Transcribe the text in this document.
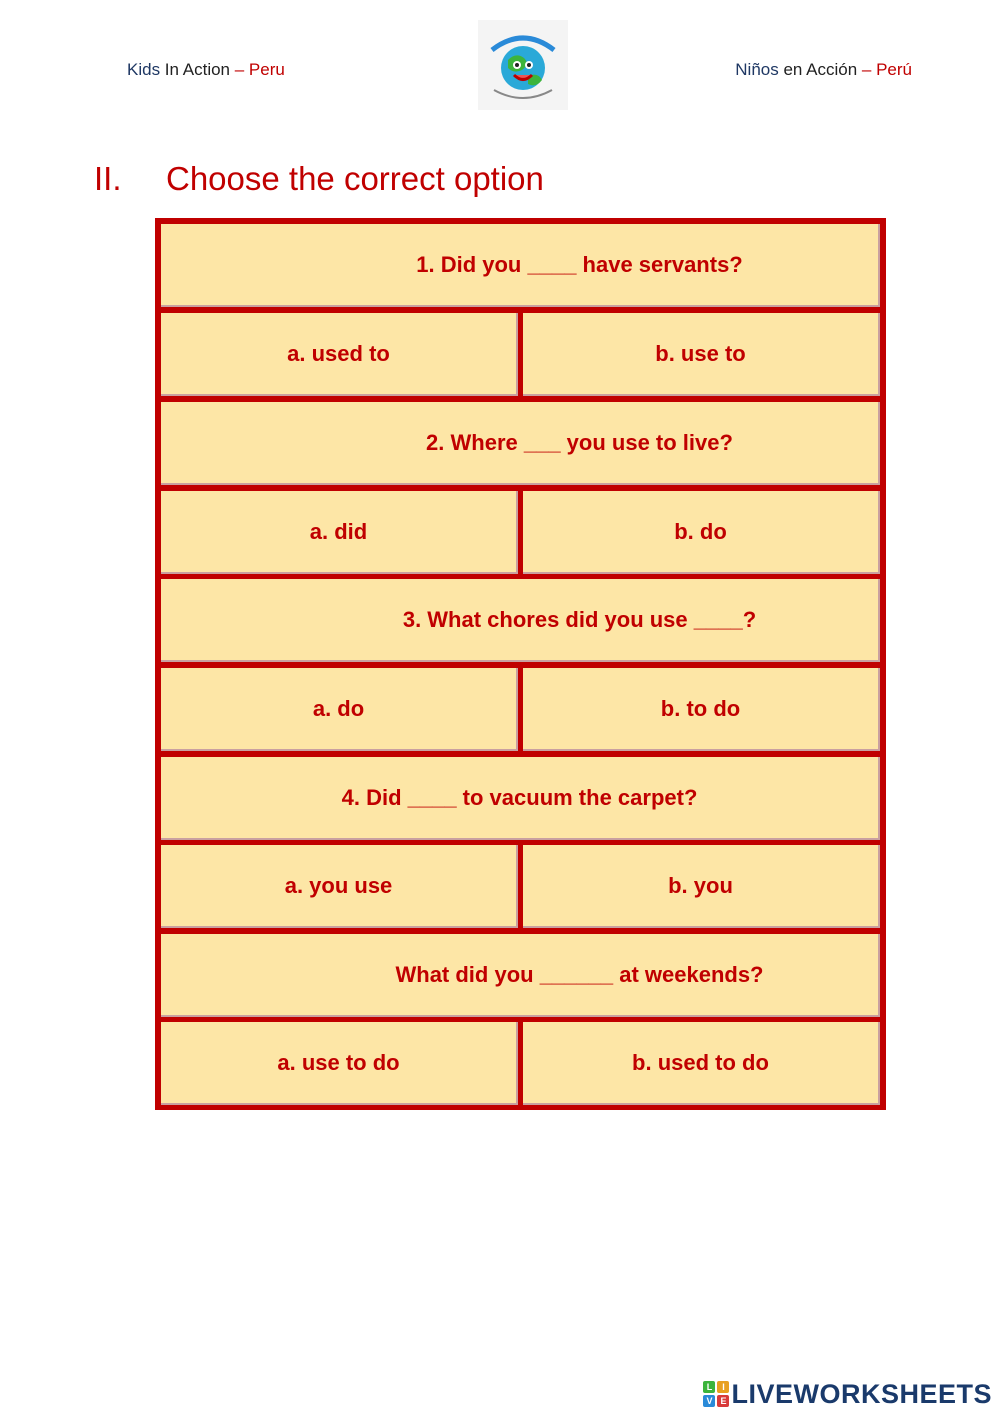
Kids In Action – Peru	Niños en Acción – Perú
II. Choose the correct option
1. Did you ____ have servants?
a. used to	b. use to
2. Where ___ you use to live?
a. did	b. do
3. What chores did you use ____?
a. do	b. to do
4. Did ____ to vacuum the carpet?
a. you use	b. you
What did you ______ at weekends?
a. use to do	b. used to do
L	I
V E LIVEWORKSHEETS
